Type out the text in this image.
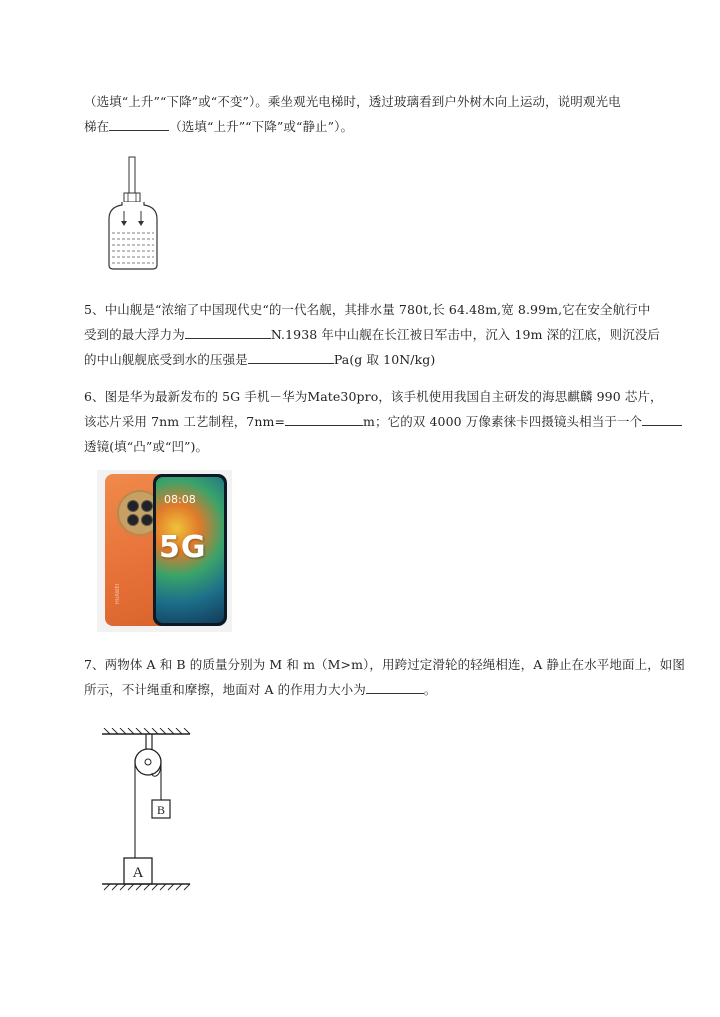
（选填“上升”“下降”或“不变”）。乘坐观光电梯时，透过玻璃看到户外树木向上运动，说明观光电
梯在	（选填“上升”“下降”或“静止”）。
5、中山舰是“浓缩了中国现代史“的一代名舰，其排水量 780t,长 64.48m,宽 8.99m,它在安全航行中
受到的最大浮力为	N.1938 年中山舰在长江被日军击中，沉入 19m 深的江底，则沉没后
的中山舰舰底受到水的压强是	Pa(g 取 10N/kg)
6、图是华为最新发布的 5G 手机－华为Mate30pro，该手机使用我国自主研发的海思麒麟 990 芯片，
该芯片采用 7nm 工艺制程，7nm=	m；它的双 4000 万像素徕卡四摄镜头相当于一个
透镜(填“凸”或“凹”)。
HUAWEI
08:08
5G
7、两物体 A 和 B 的质量分别为 M 和 m（M>m），用跨过定滑轮的轻绳相连，A 静止在水平地面上，如图
所示，不计绳重和摩擦，地面对 A 的作用力大小为	。
B
A
